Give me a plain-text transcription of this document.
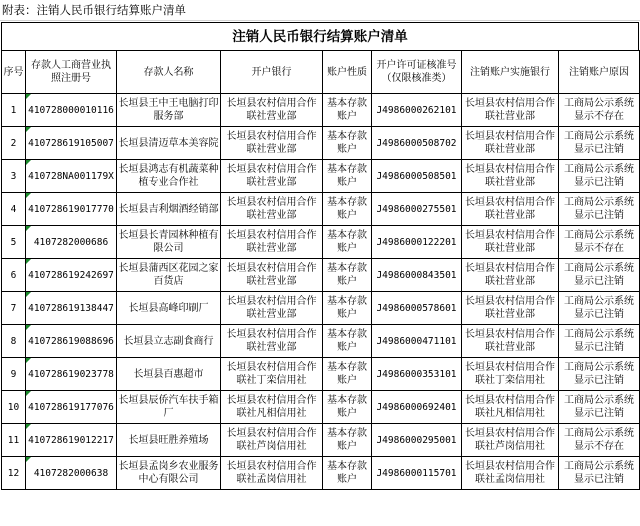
附表：注销人民币银行结算账户清单
注销人民币银行结算账户清单
序号	存款人工商营业执照注册号	存款人名称	开户银行	账户性质	开户许可证核准号（仅限核准类）	注销账户实施银行	注销账户原因
1	410728000010116	长垣县王中王电脑打印服务部	长垣县农村信用合作联社营业部	基本存款账户	J4986000262101	长垣县农村信用合作联社营业部	工商局公示系统显示不存在
2	410728619105007	长垣县清迈草本美容院	长垣县农村信用合作联社营业部	基本存款账户	J4986000508702	长垣县农村信用合作联社营业部	工商局公示系统显示已注销
3	410728NA001179X	长垣县鸿志有机蔬菜种植专业合作社	长垣县农村信用合作联社营业部	基本存款账户	J4986000508501	长垣县农村信用合作联社营业部	工商局公示系统显示已注销
4	410728619017770	长垣县吉利烟酒经销部	长垣县农村信用合作联社营业部	基本存款账户	J4986000275501	长垣县农村信用合作联社营业部	工商局公示系统显示已注销
5	4107282000686	长垣县长青园林种植有限公司	长垣县农村信用合作联社营业部	基本存款账户	J4986000122201	长垣县农村信用合作联社营业部	工商局公示系统显示不存在
6	410728619242697	长垣县蒲西区花园之家百货店	长垣县农村信用合作联社营业部	基本存款账户	J4986000843501	长垣县农村信用合作联社营业部	工商局公示系统显示已注销
7	410728619138447	长垣县高峰印刷厂	长垣县农村信用合作联社营业部	基本存款账户	J4986000578601	长垣县农村信用合作联社营业部	工商局公示系统显示已注销
8	410728619088696	长垣县立志副食商行	长垣县农村信用合作联社营业部	基本存款账户	J4986000471101	长垣县农村信用合作联社营业部	工商局公示系统显示已注销
9	410728619023778	长垣县百惠超市	长垣县农村信用合作联社丁栾信用社	基本存款账户	J4986000353101	长垣县农村信用合作联社丁栾信用社	工商局公示系统显示已注销
10	410728619177076	长垣县辰侨汽车扶手箱厂	长垣县农村信用合作联社凡相信用社	基本存款账户	J4986000692401	长垣县农村信用合作联社凡相信用社	工商局公示系统显示已注销
11	410728619012217	长垣县旺胜养殖场	长垣县农村信用合作联社芦岗信用社	基本存款账户	J4986000295001	长垣县农村信用合作联社芦岗信用社	工商局公示系统显示不存在
12	4107282000638	长垣县孟岗乡农业服务中心有限公司	长垣县农村信用合作联社孟岗信用社	基本存款账户	J4986000115701	长垣县农村信用合作联社孟岗信用社	工商局公示系统显示已注销
